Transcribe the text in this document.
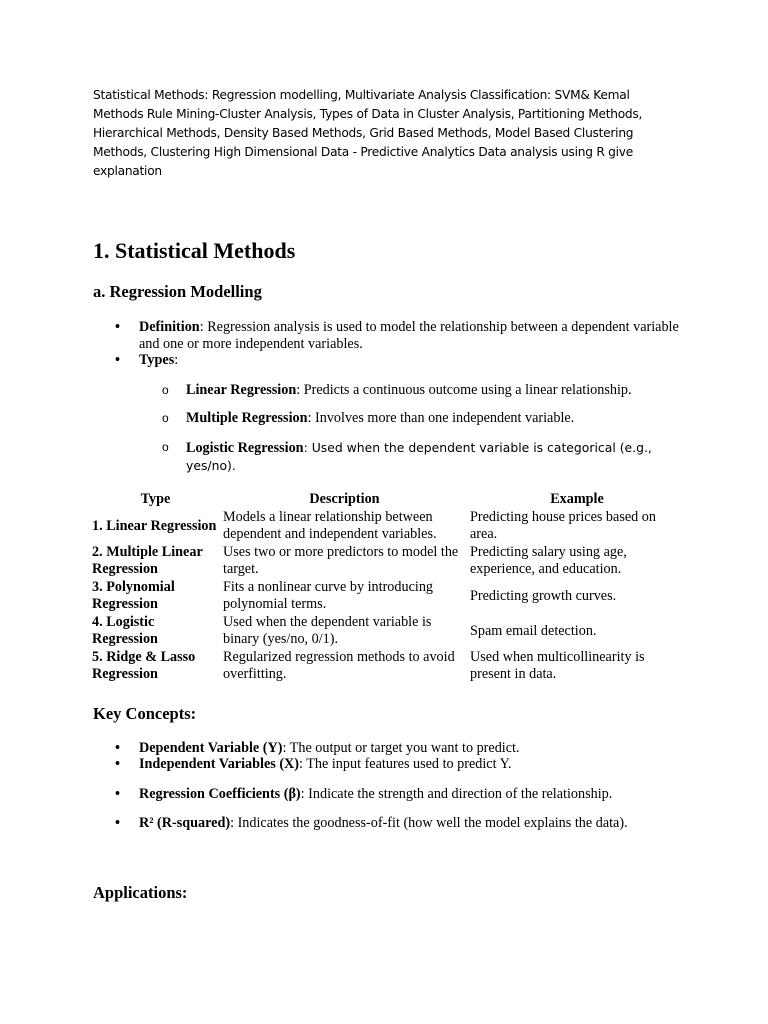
Statistical Methods: Regression modelling, Multivariate Analysis Classification: SVM& Kemal Methods Rule Mining-Cluster Analysis, Types of Data in Cluster Analysis, Partitioning Methods, Hierarchical Methods, Density Based Methods, Grid Based Methods, Model Based Clustering Methods, Clustering High Dimensional Data - Predictive Analytics Data analysis using R give explanation
1. Statistical Methods
a. Regression Modelling
• Definition: Regression analysis is used to model the relationship between a dependent variable and one or more independent variables.
• Types:
o Linear Regression: Predicts a continuous outcome using a linear relationship.
o Multiple Regression: Involves more than one independent variable.
o Logistic Regression: Used when the dependent variable is categorical (e.g., yes/no).
Type	Description	Example
1. Linear Regression	Models a linear relationship between dependent and independent variables.	Predicting house prices based on area.
2. Multiple Linear Regression	Uses two or more predictors to model the target.	Predicting salary using age, experience, and education.
3. Polynomial Regression	Fits a nonlinear curve by introducing polynomial terms.	Predicting growth curves.
4. Logistic Regression	Used when the dependent variable is binary (yes/no, 0/1).	Spam email detection.
5. Ridge & Lasso Regression	Regularized regression methods to avoid overfitting.	Used when multicollinearity is present in data.
Key Concepts:
• Dependent Variable (Y): The output or target you want to predict.
• Independent Variables (X): The input features used to predict Y.
• Regression Coefficients (β): Indicate the strength and direction of the relationship.
• R² (R-squared): Indicates the goodness-of-fit (how well the model explains the data).
Applications:
